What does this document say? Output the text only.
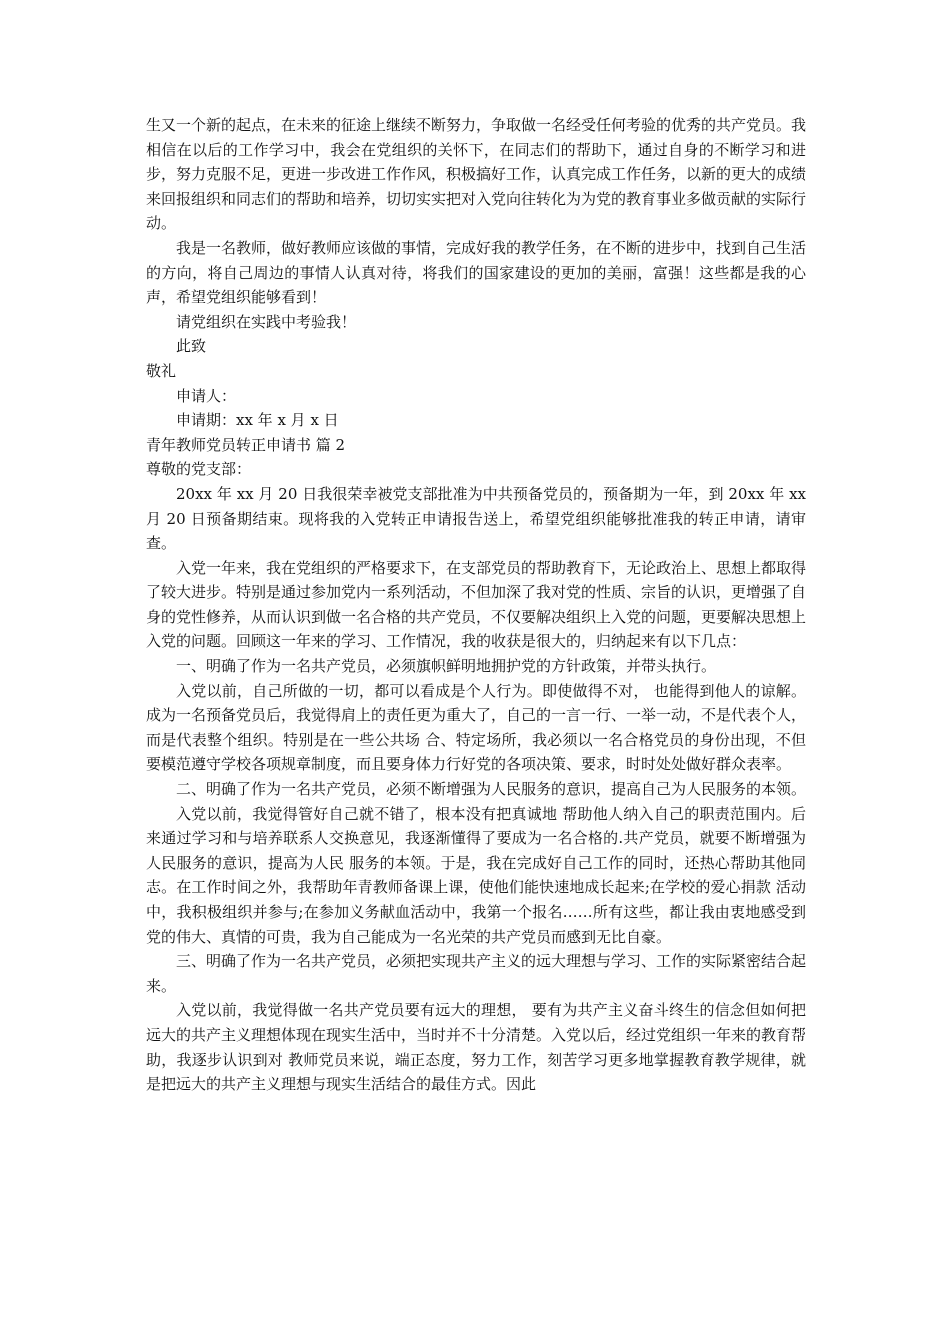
生又一个新的起点，在未来的征途上继续不断努力，争取做一名经受任何考验的优秀的共产党员。我相信在以后的工作学习中，我会在党组织的关怀下，在同志们的帮助下，通过自身的不断学习和进步，努力克服不足，更进一步改进工作作风，积极搞好工作，认真完成工作任务，以新的更大的成绩来回报组织和同志们的帮助和培养，切切实实把对入党向往转化为为党的教育事业多做贡献的实际行动。

我是一名教师，做好教师应该做的事情，完成好我的教学任务，在不断的进步中，找到自己生活的方向，将自己周边的事情人认真对待，将我们的国家建设的更加的美丽，富强！这些都是我的心声，希望党组织能够看到！

请党组织在实践中考验我！

此致

敬礼

申请人：

申请期：xx 年 x 月 x 日

青年教师党员转正申请书 篇 2

尊敬的党支部：

20xx 年 xx 月 20 日我很荣幸被党支部批准为中共预备党员的，预备期为一年，到 20xx 年 xx 月 20 日预备期结束。现将我的入党转正申请报告送上，希望党组织能够批准我的转正申请，请审查。

入党一年来，我在党组织的严格要求下，在支部党员的帮助教育下，无论政治上、思想上都取得了较大进步。特别是通过参加党内一系列活动，不但加深了我对党的性质、宗旨的认识，更增强了自身的党性修养，从而认识到做一名合格的共产党员，不仅要解决组织上入党的问题，更要解决思想上入党的问题。回顾这一年来的学习、工作情况，我的收获是很大的，归纳起来有以下几点：

一、明确了作为一名共产党员，必须旗帜鲜明地拥护党的方针政策，并带头执行。

入党以前，自己所做的一切，都可以看成是个人行为。即使做得不对， 也能得到他人的谅解。成为一名预备党员后，我觉得肩上的责任更为重大了，自己的一言一行、一举一动，不是代表个人，而是代表整个组织。特别是在一些公共场 合、特定场所，我必须以一名合格党员的身份出现，不但要模范遵守学校各项规章制度，而且要身体力行好党的各项决策、要求，时时处处做好群众表率。

二、明确了作为一名共产党员，必须不断增强为人民服务的意识，提高自己为人民服务的本领。

入党以前，我觉得管好自己就不错了，根本没有把真诚地 帮助他人纳入自己的职责范围内。后来通过学习和与培养联系人交换意见，我逐渐懂得了要成为一名合格的.共产党员，就要不断增强为人民服务的意识，提高为人民 服务的本领。于是，我在完成好自己工作的同时，还热心帮助其他同志。在工作时间之外，我帮助年青教师备课上课，使他们能快速地成长起来;在学校的爱心捐款 活动中，我积极组织并参与;在参加义务献血活动中，我第一个报名……所有这些，都让我由衷地感受到党的伟大、真情的可贵，我为自己能成为一名光荣的共产党员而感到无比自豪。

三、明确了作为一名共产党员，必须把实现共产主义的远大理想与学习、工作的实际紧密结合起来。

入党以前，我觉得做一名共产党员要有远大的理想， 要有为共产主义奋斗终生的信念但如何把远大的共产主义理想体现在现实生活中，当时并不十分清楚。入党以后，经过党组织一年来的教育帮助，我逐步认识到对 教师党员来说，端正态度，努力工作，刻苦学习更多地掌握教育教学规律，就是把远大的共产主义理想与现实生活结合的最佳方式。因此
